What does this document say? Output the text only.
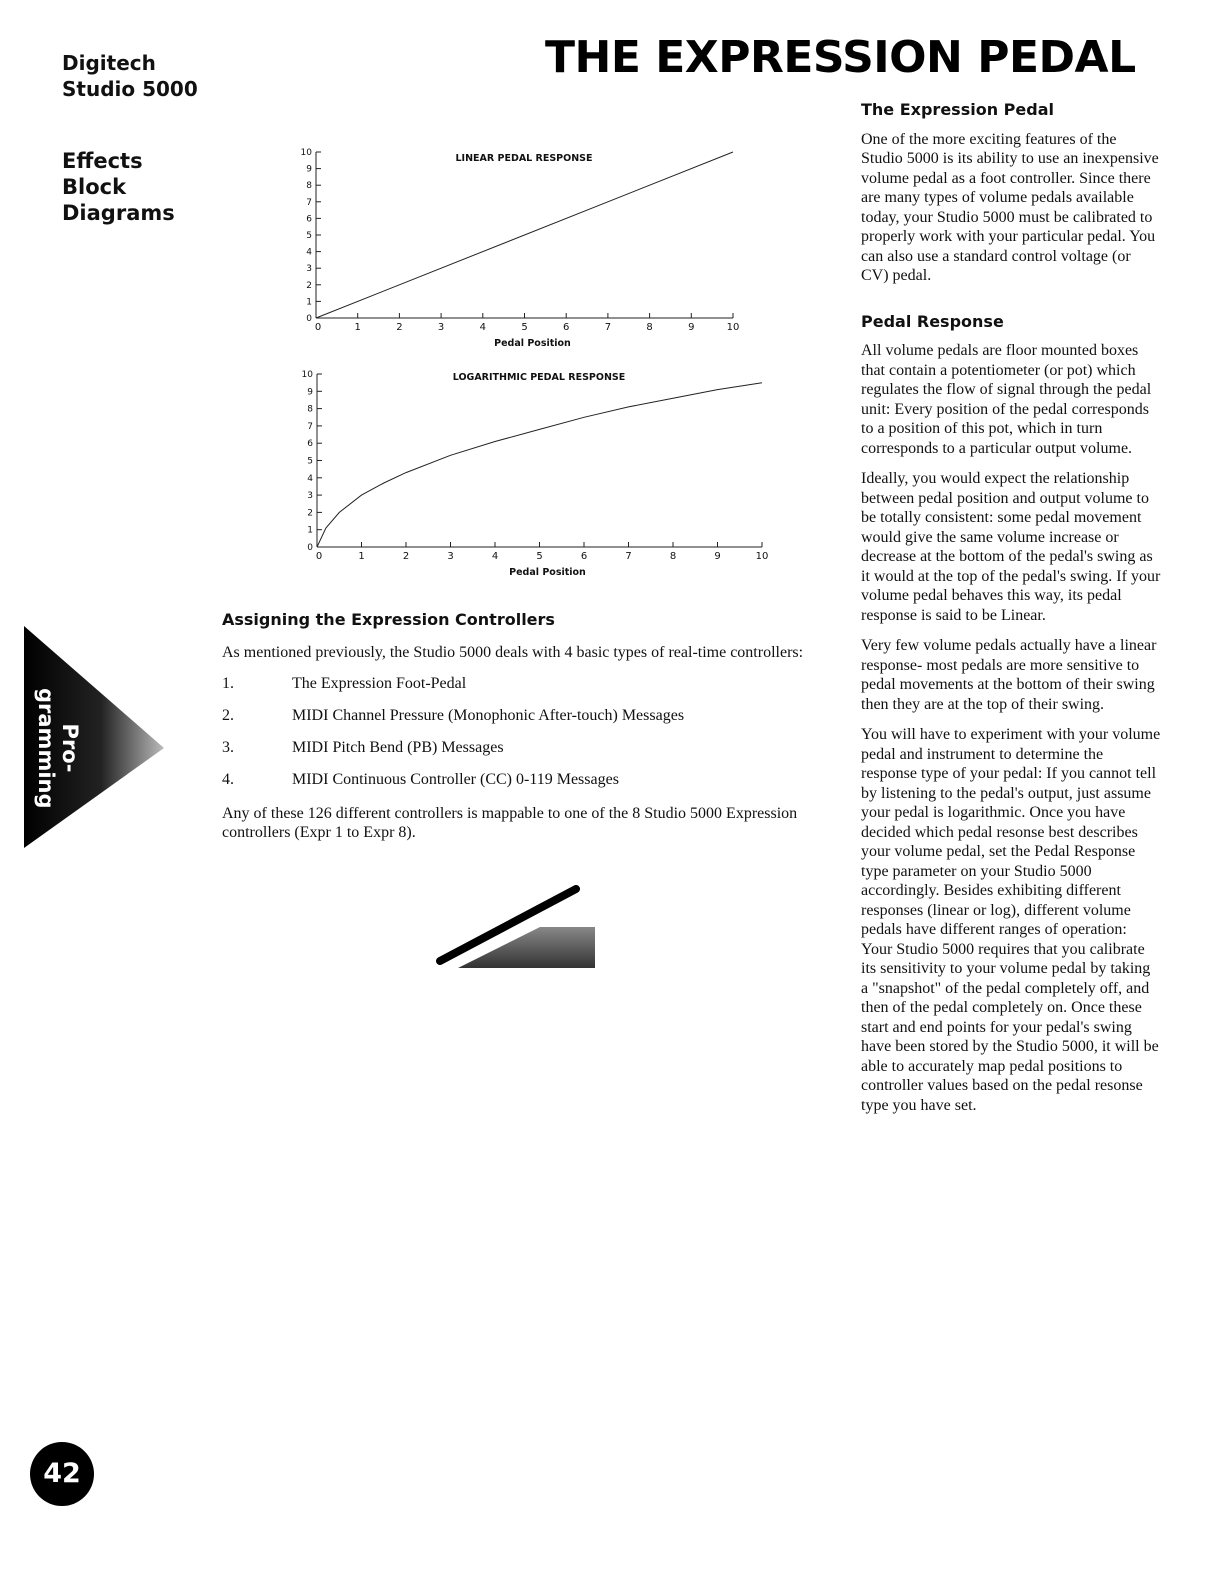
Digitech
Studio 5000
Effects
Block
Diagrams
THE EXPRESSION PEDAL
Pro-
gramming
0
1
2
3
4
5
6
7
8
9
10
0	1	2	3	4	5	6	7	8	9	10
LINEAR PEDAL RESPONSE
Pedal Position
0
1
2
3
4
5
6
7
8
9
10
0	1	2	3	4	5	6	7	8	9	10
LOGARITHMIC PEDAL RESPONSE
Pedal Position
Assigning the Expression Controllers

As mentioned previously, the Studio 5000 deals with 4 basic types of real-time controllers:

1.	The Expression Foot-Pedal
2.	MIDI Channel Pressure (Monophonic After-touch) Messages
3.	MIDI Pitch Bend (PB) Messages
4.	MIDI Continuous Controller (CC) 0-119 Messages

Any of these 126 different controllers is mappable to one of the 8 Studio 5000 Expression controllers (Expr 1 to Expr 8).

The Expression Pedal

One of the more exciting features of the Studio 5000 is its ability to use an inexpensive volume pedal as a foot controller. Since there are many types of volume pedals available today, your Studio 5000 must be calibrated to properly work with your particular pedal. You can also use a standard control voltage (or CV) pedal.

Pedal Response

All volume pedals are floor mounted boxes that contain a potentiometer (or pot) which regulates the flow of signal through the pedal unit: Every position of the pedal corresponds to a position of this pot, which in turn corresponds to a particular output volume.

Ideally, you would expect the relationship between pedal position and output volume to be totally consistent: some pedal movement would give the same volume increase or decrease at the bottom of the pedal's swing as it would at the top of the pedal's swing. If your volume pedal behaves this way, its pedal response is said to be Linear.

Very few volume pedals actually have a linear response- most pedals are more sensitive to pedal movements at the bottom of their swing then they are at the top of their swing.

You will have to experiment with your volume pedal and instrument to determine the response type of your pedal: If you cannot tell by listening to the pedal's output, just assume your pedal is logarithmic. Once you have decided which pedal resonse best describes your volume pedal, set the Pedal Response type parameter on your Studio 5000 accordingly. Besides exhibiting different responses (linear or log), different volume pedals have different ranges of operation: Your Studio 5000 requires that you calibrate its sensitivity to your volume pedal by taking a "snapshot" of the pedal completely off, and then of the pedal completely on. Once these start and end points for your pedal's swing have been stored by the Studio 5000, it will be able to accurately map pedal positions to controller values based on the pedal resonse type you have set.

42
